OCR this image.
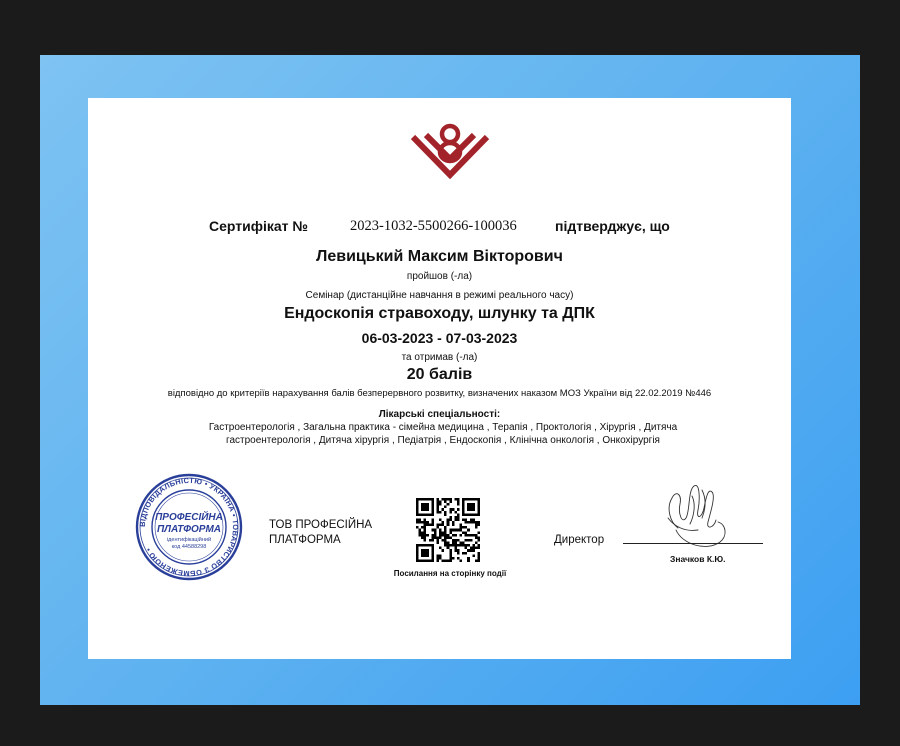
Сертифікат №	2023-1032-5500266-100036	підтверджує, що
Левицький Максим Вікторович
пройшов (-ла)
Семінар (дистанційне навчання в режимі реального часу)
Ендоскопія стравоходу, шлунку та ДПК
06-03-2023 - 07-03-2023
та отримав (-ла)
20 балів
відповідно до критеріїв нарахування балів безперервного розвитку, визначених наказом МОЗ України від 22.02.2019 №446
Лікарські спеціальності:
Гастроентерологія , Загальна практика - сімейна медицина , Терапія , Проктологія , Хірургія , Дитяча гастроентерологія , Дитяча хірургія , Педіатрія , Ендоскопія , Клінічна онкологія , Онкохірургія
ВІДПОВІДАЛЬНІСТЮ • УКРАЇНА • ТОВАРИСТВО З ОБМЕЖЕНОЮ •
ПРОФЕСІЙНА
ПЛАТФОРМА
ідентифікаційний
код 44588298
ТОВ ПРОФЕСІЙНА
ПЛАТФОРМА
Посилання на сторінку події
Директор
Значков К.Ю.
